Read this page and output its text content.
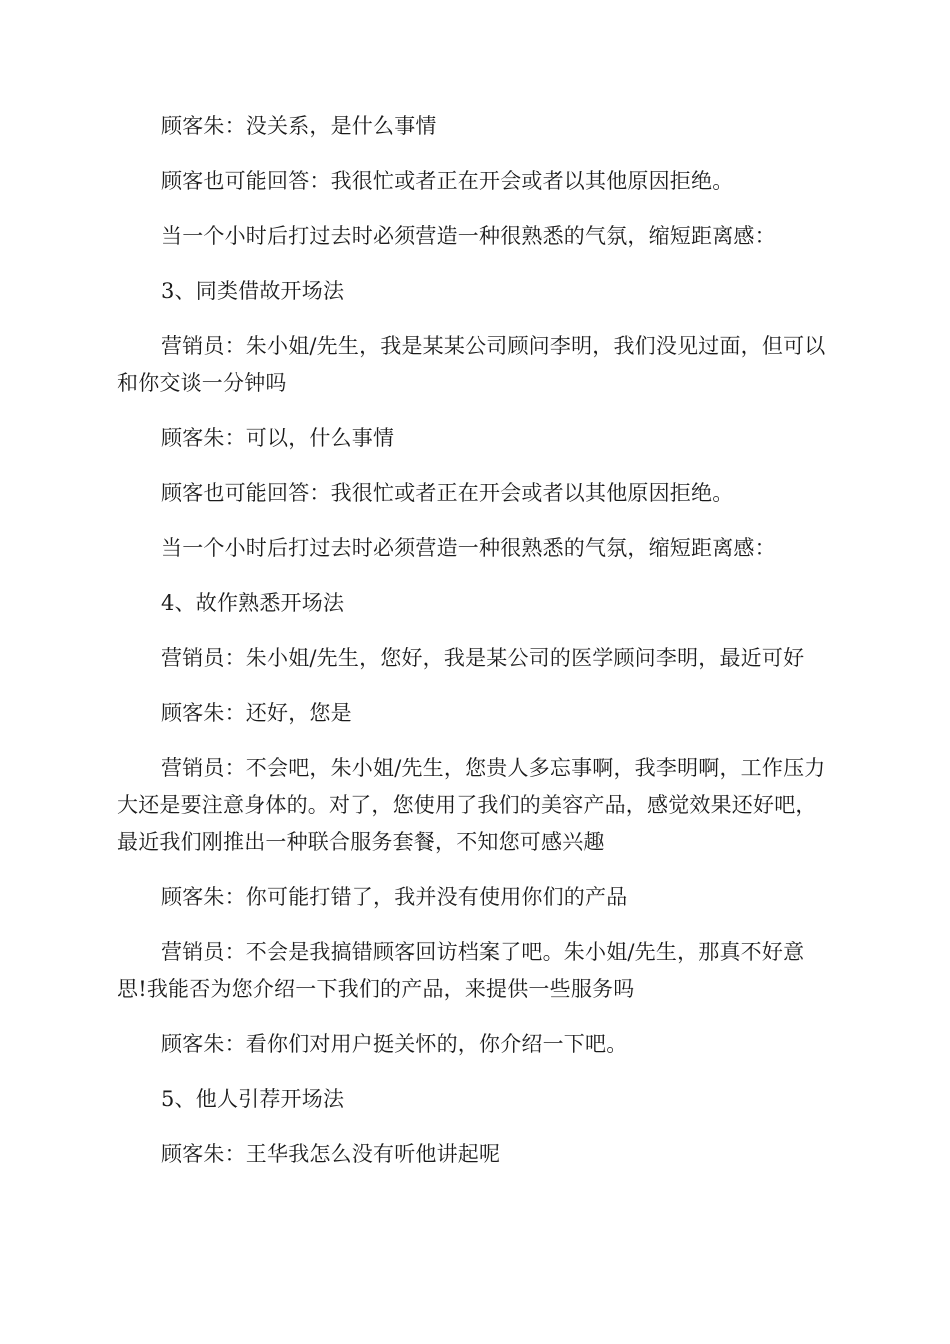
顾客朱：没关系，是什么事情

顾客也可能回答：我很忙或者正在开会或者以其他原因拒绝。

当一个小时后打过去时必须营造一种很熟悉的气氛，缩短距离感：

3、同类借故开场法

营销员：朱小姐/先生，我是某某公司顾问李明，我们没见过面，但可以和你交谈一分钟吗

顾客朱：可以，什么事情

顾客也可能回答：我很忙或者正在开会或者以其他原因拒绝。

当一个小时后打过去时必须营造一种很熟悉的气氛，缩短距离感：

4、故作熟悉开场法

营销员：朱小姐/先生，您好，我是某公司的医学顾问李明，最近可好

顾客朱：还好，您是

营销员：不会吧，朱小姐/先生，您贵人多忘事啊，我李明啊，工作压力大还是要注意身体的。对了，您使用了我们的美容产品，感觉效果还好吧，最近我们刚推出一种联合服务套餐，不知您可感兴趣

顾客朱：你可能打错了，我并没有使用你们的产品

营销员：不会是我搞错顾客回访档案了吧。朱小姐/先生，那真不好意思!我能否为您介绍一下我们的产品，来提供一些服务吗

顾客朱：看你们对用户挺关怀的，你介绍一下吧。

5、他人引荐开场法

顾客朱：王华我怎么没有听他讲起呢
